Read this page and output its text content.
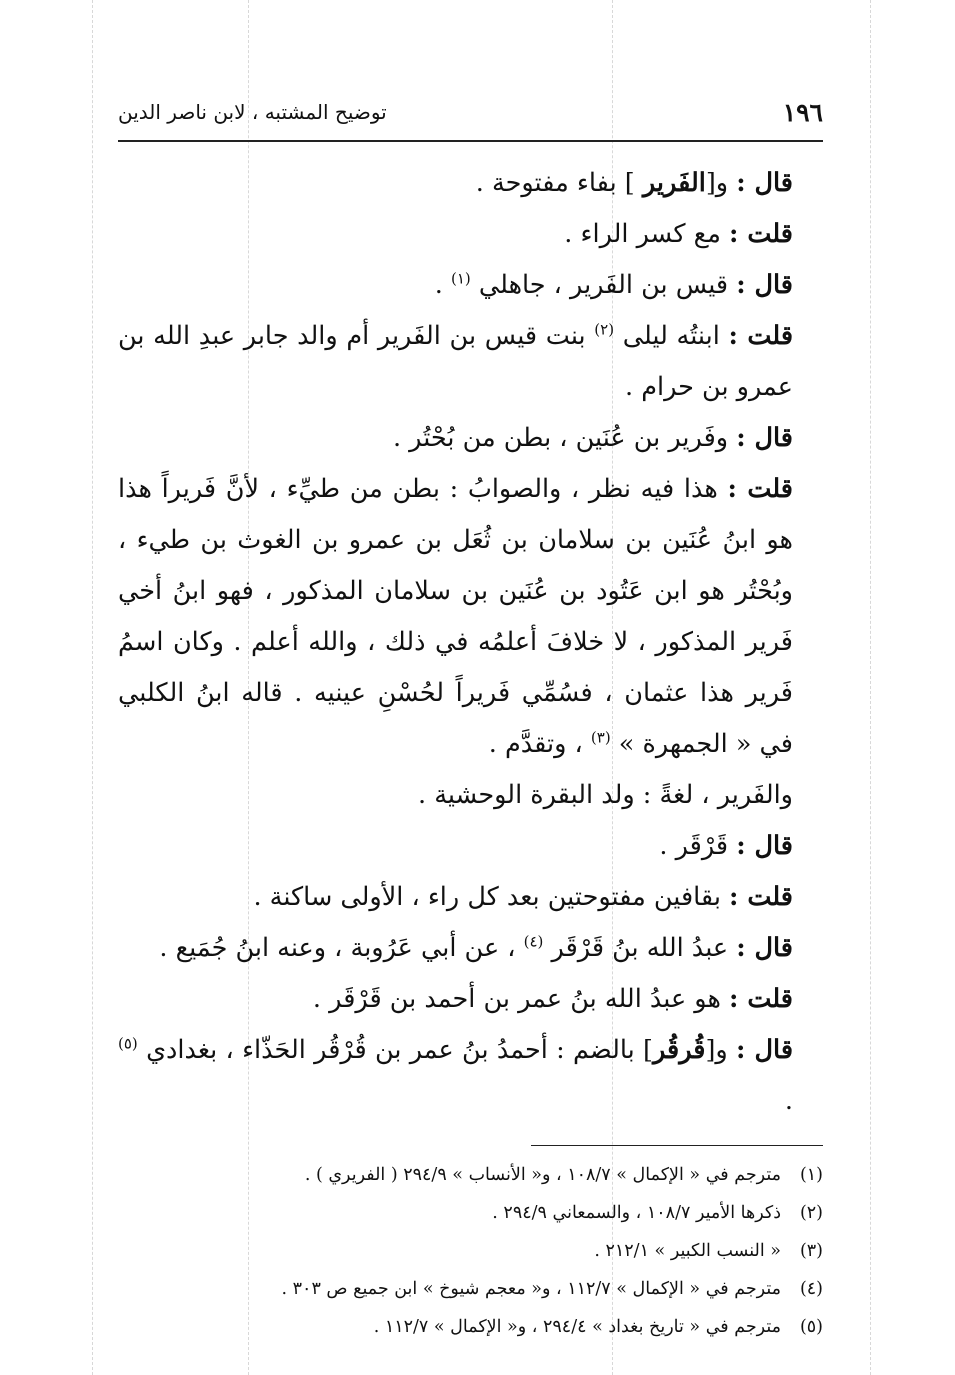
١٩٦
توضيح المشتبه ، لابن ناصر الدين

قال : و[الفَرير ] بفاء مفتوحة .

قلت : مع كسر الراء .

قال : قيس بن الفَرير ، جاهلي $^{(١)}$ .

قلت : ابنتُه ليلى $^{(٢)}$ بنت قيس بن الفَرير أم والد جابر عبدِ الله بن عمرو بن حرام .

قال : وفَرير بن عُنَين ، بطن من بُحْتُر .

قلت : هذا فيه نظر ، والصوابُ : بطن من طيِّء ، لأنَّ فَريراً هذا هو ابنُ عُنَين بن سلامان بن ثُعَل بن عمرو بن الغوث بن طيء ، وبُحْتُر هو ابن عَتُود بن عُنَين بن سلامان المذكور ، فهو ابنُ أخي فَرير المذكور ، لا خلافَ أعلمُه في ذلك ، والله أعلم . وكان اسمُ فَرير هذا عثمان ، فسُمِّي فَريراً لحُسْنِ عينيه . قاله ابنُ الكلبي في « الجمهرة » $^{(٣)}$ ، وتقدَّم .

والفَرير ، لغةً : ولد البقرة الوحشية .

قال : قَرْقَر .

قلت : بقافين مفتوحتين بعد كل راء ، الأولى ساكنة .

قال : عبدُ الله بنُ قَرْقَر $^{(٤)}$ ، عن أبي عَرُوبة ، وعنه ابنُ جُمَيع .

قلت : هو عبدُ الله بنُ عمر بن أحمد بن قَرْقَر .

قال : و[قُرقُر] بالضم : أحمدُ بنُ عمر بن قُرْقُر الحَذّاء ، بغدادي $^{(٥)}$ .

(١)
مترجم في « الإكمال » ١٠٨/٧ ، و« الأنساب » ٢٩٤/٩ ( الفريري ) .
(٢)
ذكرها الأمير ١٠٨/٧ ، والسمعاني ٢٩٤/٩ .
(٣)
« النسب الكبير » ٢١٢/١ .
(٤)
مترجم في « الإكمال » ١١٢/٧ ، و« معجم شيوخ » ابن جميع ص ٣٠٣ .
(٥)
مترجم في « تاريخ بغداد » ٢٩٤/٤ ، و« الإكمال » ١١٢/٧ .
